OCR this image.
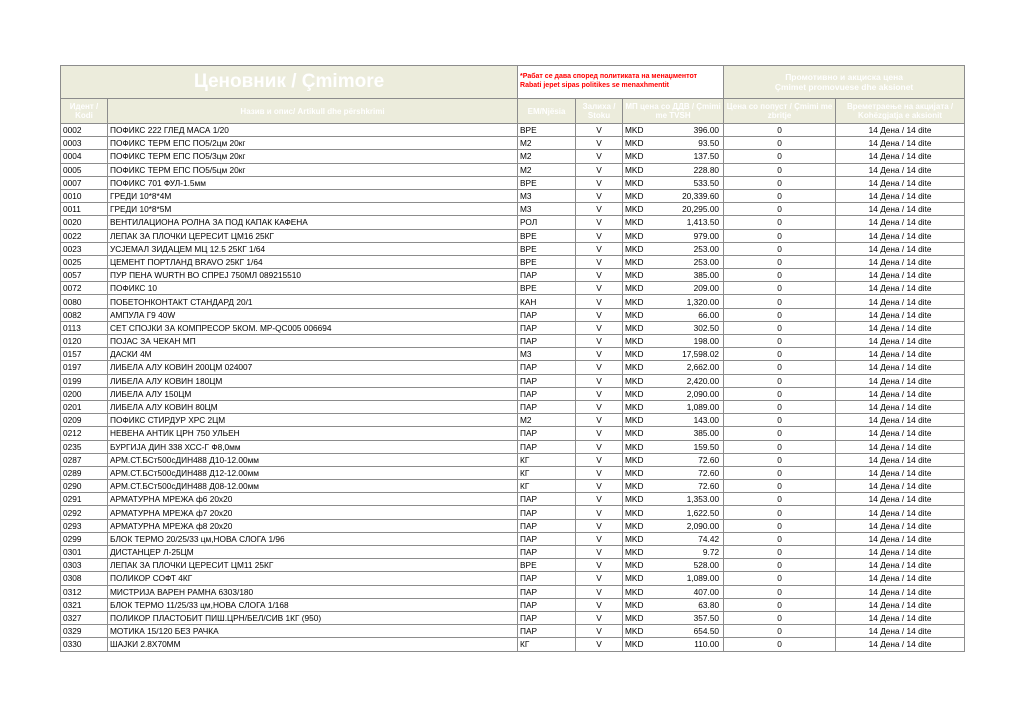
Ценовник / Çmimore		*Рабат се дава според политиката на менаџментот
Rabati jepet sipas politikes se menaxhmentit				Промотивно и акциска цена
Çmimet promovuese dhe aksionet	
Идент / Kodi	Назив и опис/ Artikull dhe përshkrimi	ЕМ/Njësia	Залиха / Stoku	МП цена со ДДВ / Çmimi me TVSH		Цена со попуст / Çmimi me zbritje	Времетраење на акцијата / Kohëzgjatja e aksionit
0002	ПОФИКС 222 ГЛЕД МАСА 1/20	ВРЕ	V	MKD	396.00	0	14 Дена / 14 dite
0003	ПОФИКС ТЕРМ ЕПС ПО5/2цм 20кг	М2	V	MKD	93.50	0	14 Дена / 14 dite
0004	ПОФИКС ТЕРМ ЕПС ПО5/3цм 20кг	М2	V	MKD	137.50	0	14 Дена / 14 dite
0005	ПОФИКС ТЕРМ ЕПС ПО5/5цм 20кг	М2	V	MKD	228.80	0	14 Дена / 14 dite
0007	ПОФИКС 701 ФУЛ-1.5мм	ВРЕ	V	MKD	533.50	0	14 Дена / 14 dite
0010	ГРЕДИ 10*8*4М	М3	V	MKD	20,339.60	0	14 Дена / 14 dite
0011	ГРЕДИ 10*8*5М	М3	V	MKD	20,295.00	0	14 Дена / 14 dite
0020	ВЕНТИЛАЦИОНА РОЛНА ЗА ПОД КАПАК КАФЕНА	РОЛ	V	MKD	1,413.50	0	14 Дена / 14 dite
0022	ЛЕПАК ЗА ПЛОЧКИ ЦЕРЕСИТ ЦМ16 25КГ	ВРЕ	V	MKD	979.00	0	14 Дена / 14 dite
0023	УСЈЕМАЛ ЗИДАЦЕМ МЦ 12.5 25КГ 1/64	ВРЕ	V	MKD	253.00	0	14 Дена / 14 dite
0025	ЦЕМЕНТ ПОРТЛАНД BRAVO 25КГ 1/64	ВРЕ	V	MKD	253.00	0	14 Дена / 14 dite
0057	ПУР ПЕНА WURTH ВО СПРЕЈ 750МЛ 089215510	ПАР	V	MKD	385.00	0	14 Дена / 14 dite
0072	ПОФИКС 10	ВРЕ	V	MKD	209.00	0	14 Дена / 14 dite
0080	ПОБЕТОНКОНТАКТ СТАНДАРД 20/1	КАН	V	MKD	1,320.00	0	14 Дена / 14 dite
0082	АМПУЛА Г9 40W	ПАР	V	MKD	66.00	0	14 Дена / 14 dite
0113	СЕТ СПОЈКИ ЗА КОМПРЕСОР 5КОМ. MP-QC005 006694	ПАР	V	MKD	302.50	0	14 Дена / 14 dite
0120	ПОЈАС ЗА ЧЕКАН МП	ПАР	V	MKD	198.00	0	14 Дена / 14 dite
0157	ДАСКИ 4М	М3	V	MKD	17,598.02	0	14 Дена / 14 dite
0197	ЛИБЕЛА АЛУ КОВИН 200ЦМ 024007	ПАР	V	MKD	2,662.00	0	14 Дена / 14 dite
0199	ЛИБЕЛА АЛУ КОВИН 180ЦМ	ПАР	V	MKD	2,420.00	0	14 Дена / 14 dite
0200	ЛИБЕЛА АЛУ 150ЦМ	ПАР	V	MKD	2,090.00	0	14 Дена / 14 dite
0201	ЛИБЕЛА АЛУ КОВИН 80ЦМ	ПАР	V	MKD	1,089.00	0	14 Дена / 14 dite
0209	ПОФИКС СТИРДУР ХРС 2ЦМ	М2	V	MKD	143.00	0	14 Дена / 14 dite
0212	НЕВЕНА АНТИК ЦРН 750 УЛЬЕН	ПАР	V	MKD	385.00	0	14 Дена / 14 dite
0235	БУРГИЈА ДИН 338 ХСС-Г Ф8,0мм	ПАР	V	MKD	159.50	0	14 Дена / 14 dite
0287	АРМ.СТ.БСт500сДИН488 Д10-12.00мм	КГ	V	MKD	72.60	0	14 Дена / 14 dite
0289	АРМ.СТ.БСт500сДИН488 Д12-12.00мм	КГ	V	MKD	72.60	0	14 Дена / 14 dite
0290	АРМ.СТ.БСт500сДИН488 Д08-12.00мм	КГ	V	MKD	72.60	0	14 Дена / 14 dite
0291	АРМАТУРНА МРЕЖА ф6 20х20	ПАР	V	MKD	1,353.00	0	14 Дена / 14 dite
0292	АРМАТУРНА МРЕЖА ф7 20х20	ПАР	V	MKD	1,622.50	0	14 Дена / 14 dite
0293	АРМАТУРНА МРЕЖА ф8 20х20	ПАР	V	MKD	2,090.00	0	14 Дена / 14 dite
0299	БЛОК ТЕРМО 20/25/33 цм,НОВА СЛОГА 1/96	ПАР	V	MKD	74.42	0	14 Дена / 14 dite
0301	ДИСТАНЦЕР Л-25ЦМ	ПАР	V	MKD	9.72	0	14 Дена / 14 dite
0303	ЛЕПАК ЗА ПЛОЧКИ ЦЕРЕСИТ ЦМ11 25КГ	ВРЕ	V	MKD	528.00	0	14 Дена / 14 dite
0308	ПОЛИКОР СОФТ 4КГ	ПАР	V	MKD	1,089.00	0	14 Дена / 14 dite
0312	МИСТРИЈА ВАРЕН РАМНА 6303/180	ПАР	V	MKD	407.00	0	14 Дена / 14 dite
0321	БЛОК ТЕРМО 11/25/33 цм,НОВА СЛОГА 1/168	ПАР	V	MKD	63.80	0	14 Дена / 14 dite
0327	ПОЛИКОР ПЛАСТОБИТ ПИШ.ЦРН/БЕЛ/СИВ 1КГ (950)	ПАР	V	MKD	357.50	0	14 Дена / 14 dite
0329	МОТИКА 15/120 БЕЗ РАЧКА	ПАР	V	MKD	654.50	0	14 Дена / 14 dite
0330	ШАЈКИ 2.8Х70ММ	КГ	V	MKD	110.00	0	14 Дена / 14 dite
